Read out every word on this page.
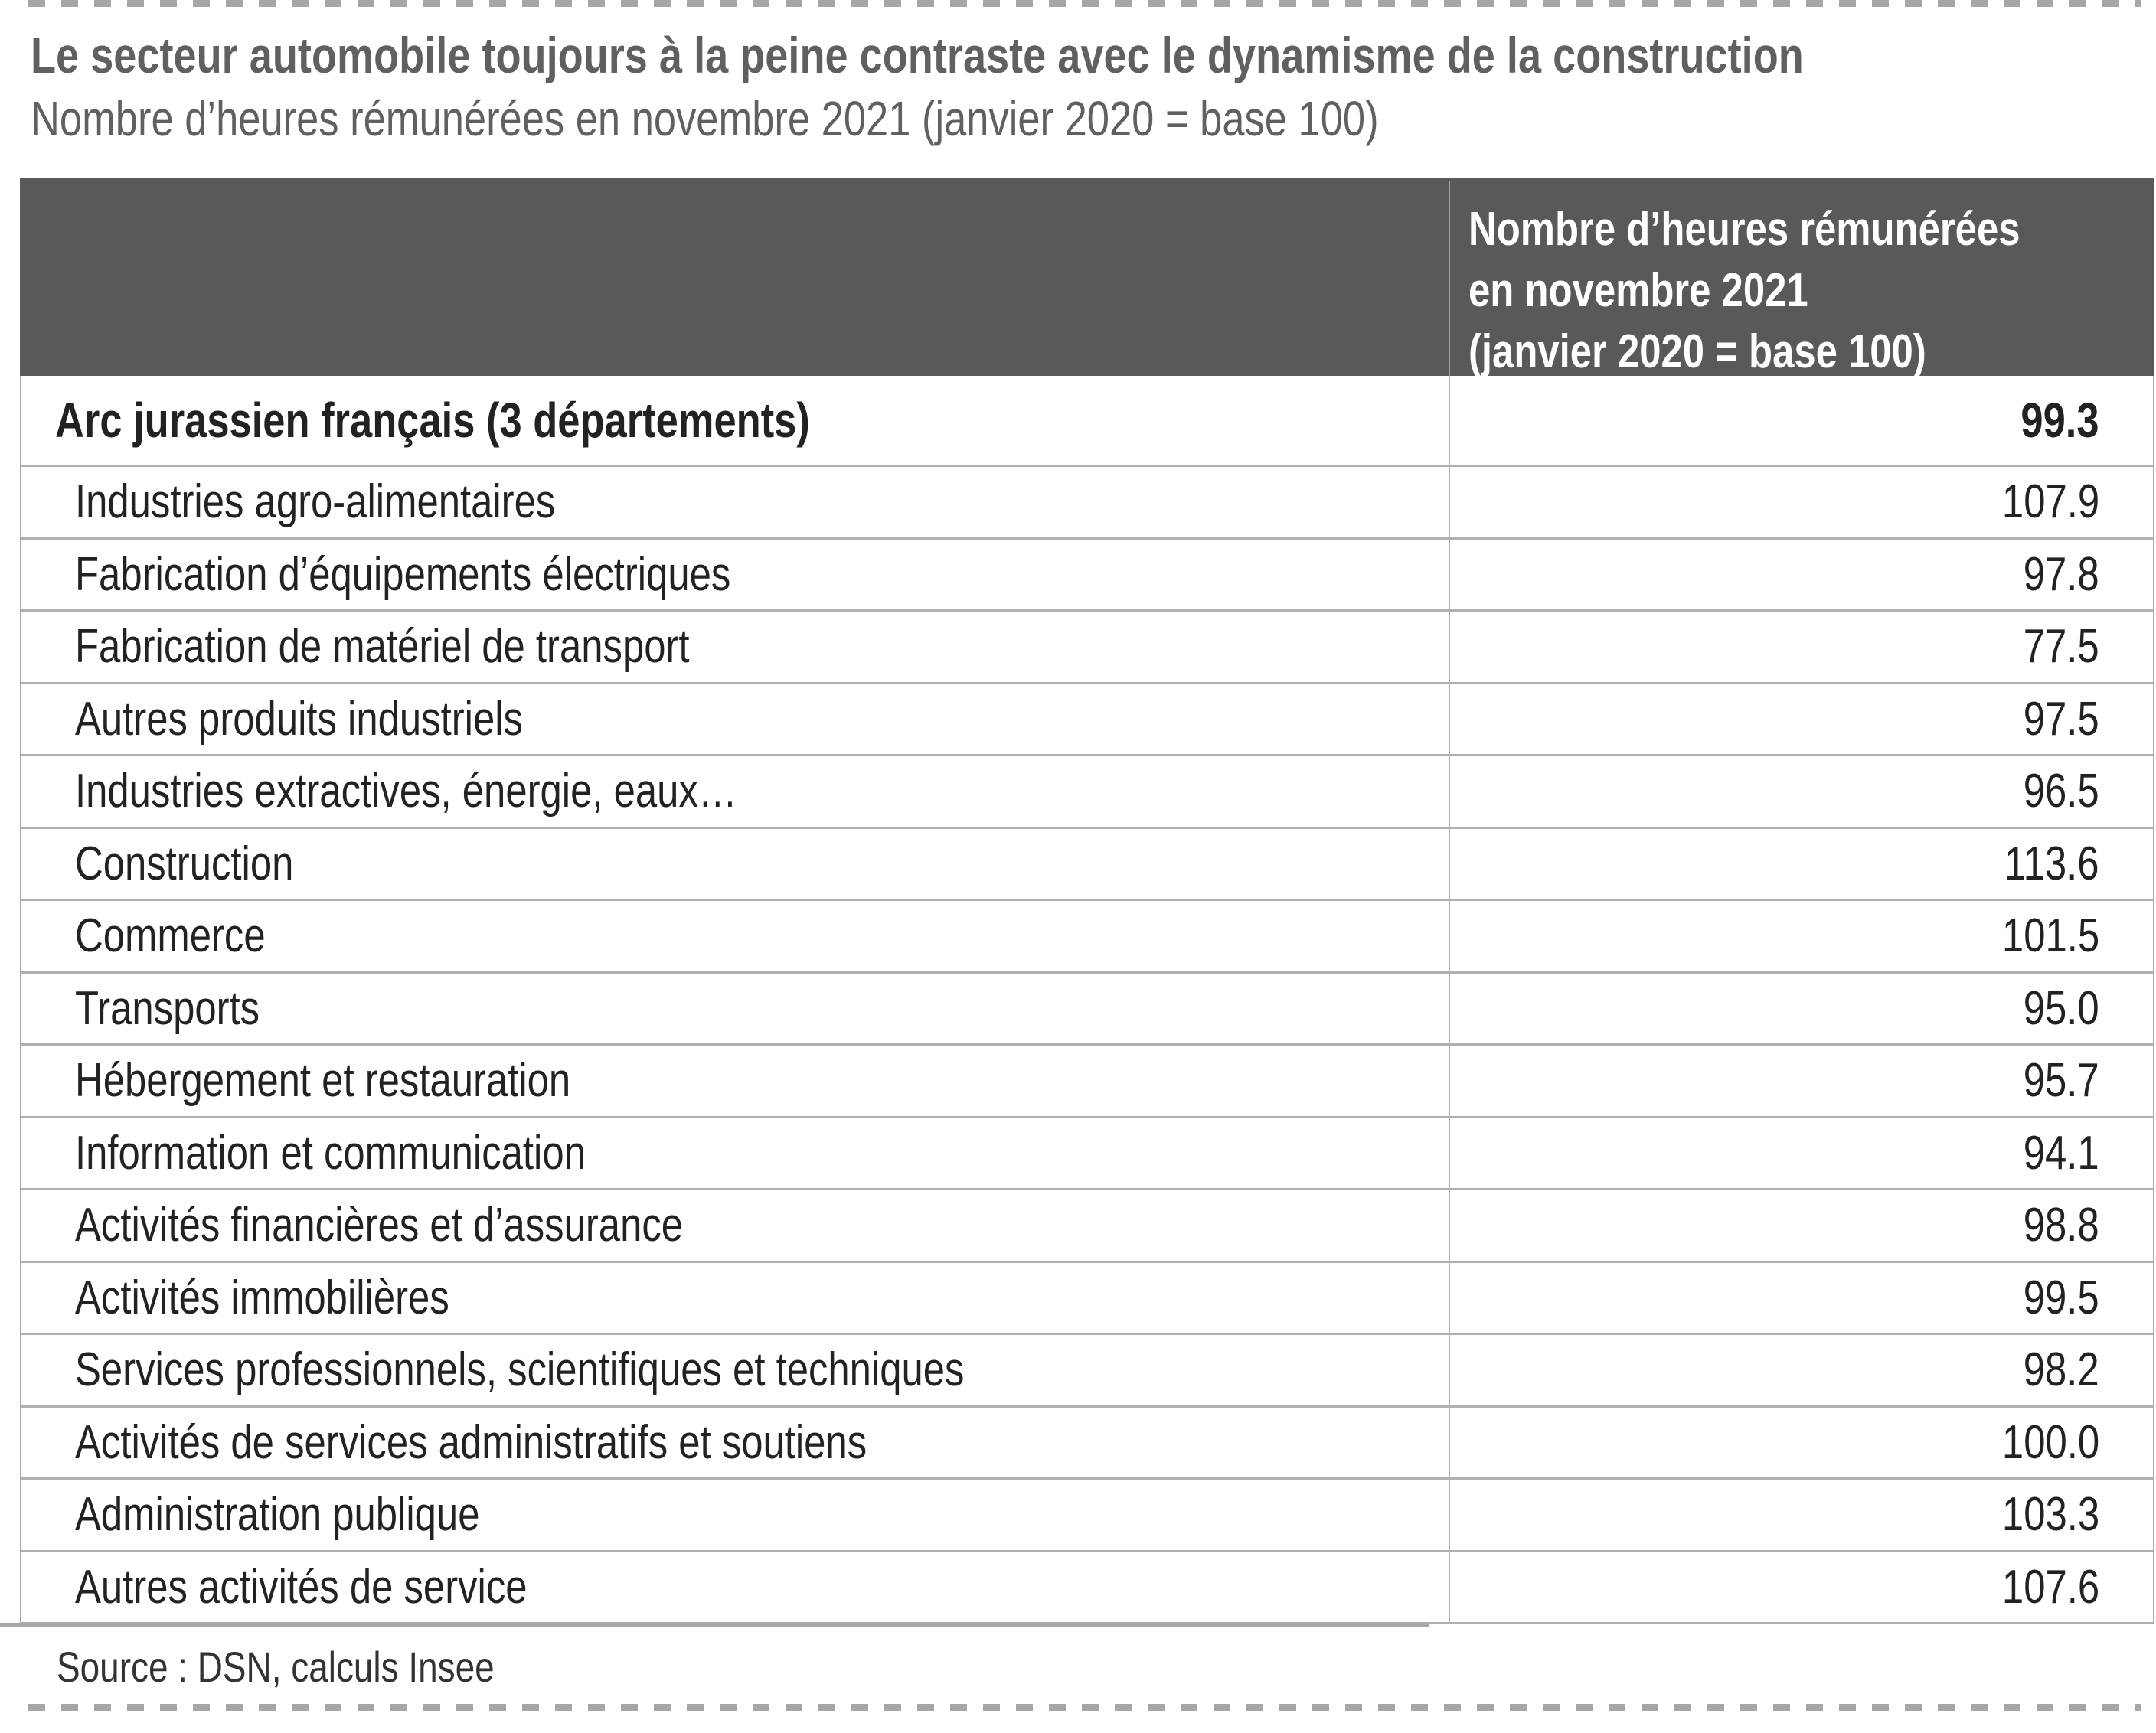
Le secteur automobile toujours à la peine contraste avec le dynamisme de la construction
Nombre d’heures rémunérées en novembre 2021 (janvier 2020 = base 100)
Nombre d’heures rémunérées
en novembre 2021
(janvier 2020 = base 100)
Arc jurassien français (3 départements)	99.3
Industries agro-alimentaires	107.9
Fabrication d’équipements électriques	97.8
Fabrication de matériel de transport	77.5
Autres produits industriels	97.5
Industries extractives, énergie, eaux…	96.5
Construction	113.6
Commerce	101.5
Transports	95.0
Hébergement et restauration	95.7
Information et communication	94.1
Activités financières et d’assurance	98.8
Activités immobilières	99.5
Services professionnels, scientifiques et techniques	98.2
Activités de services administratifs et soutiens	100.0
Administration publique	103.3
Autres activités de service	107.6
Source : DSN, calculs Insee
